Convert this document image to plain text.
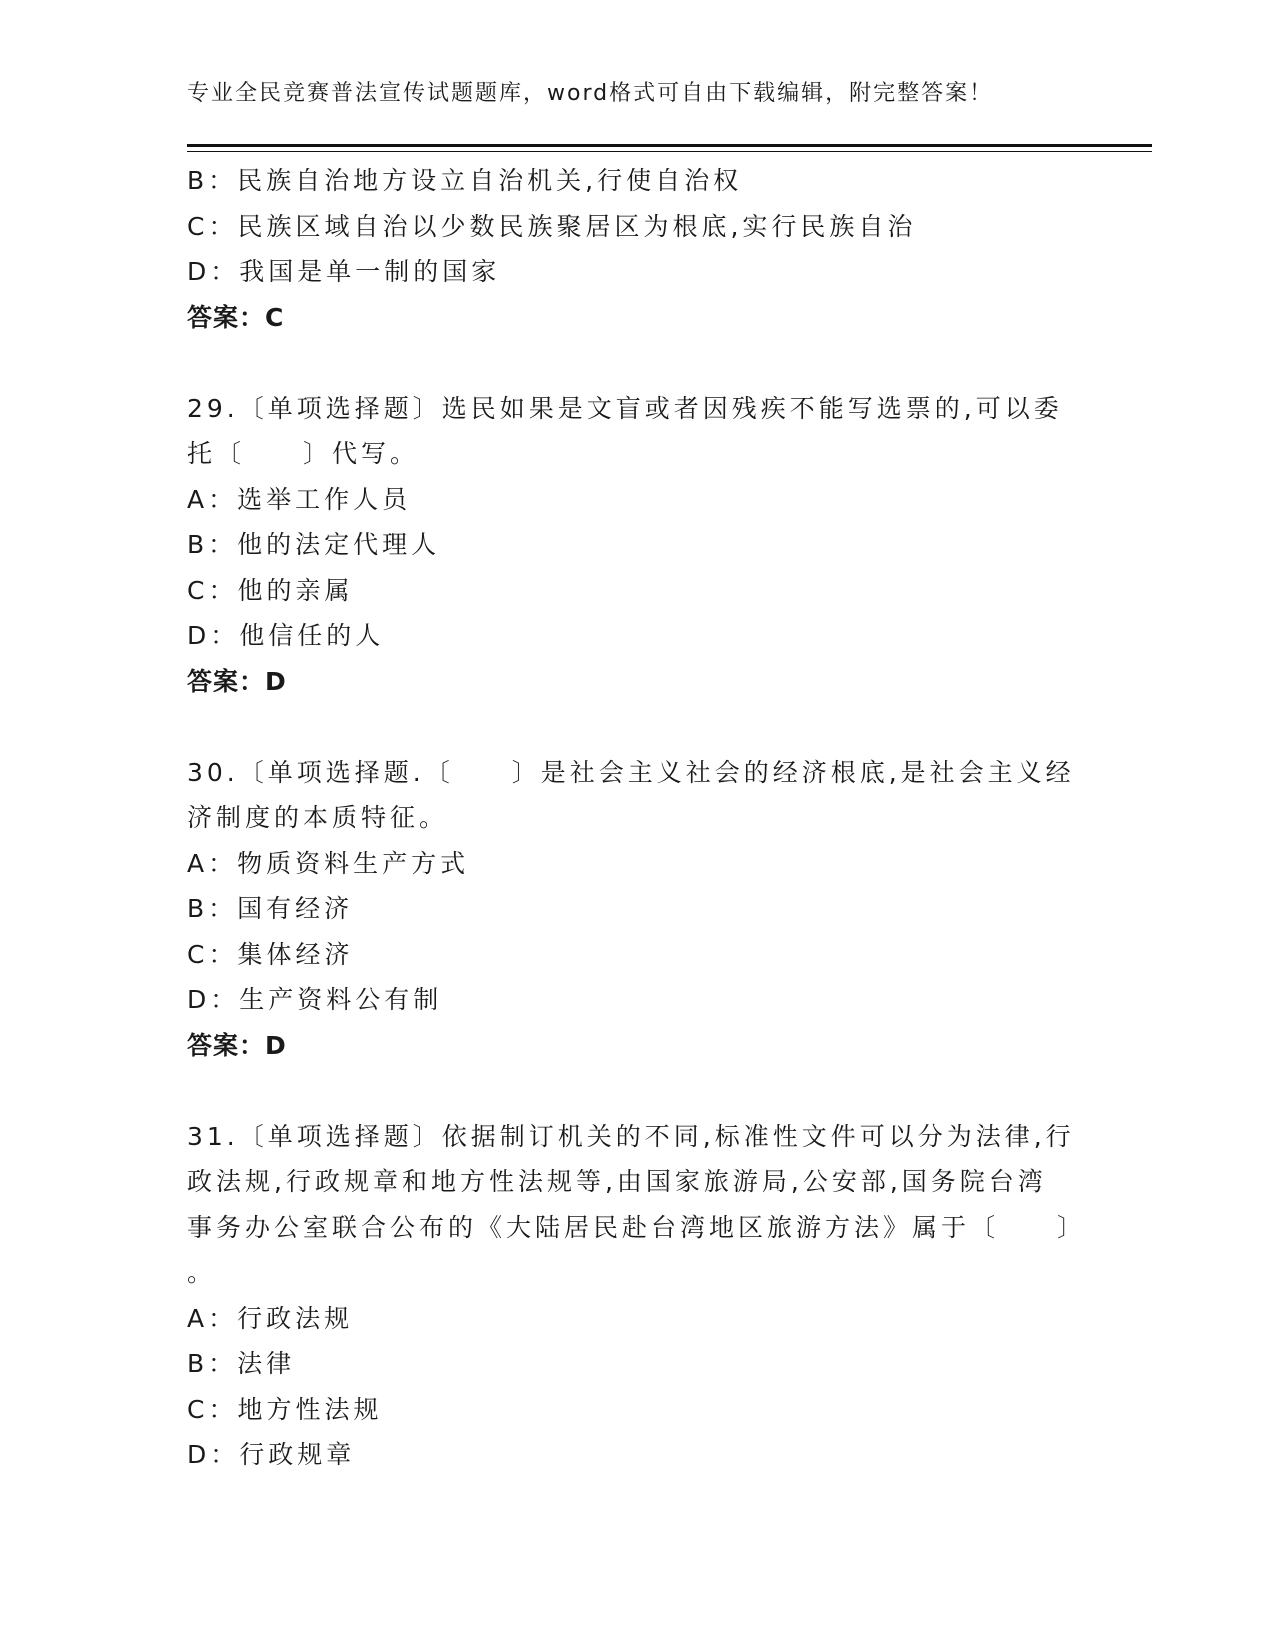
专业全民竞赛普法宣传试题题库，word格式可自由下载编辑，附完整答案！
B：民族自治地方设立自治机关,行使自治权
C：民族区域自治以少数民族聚居区为根底,实行民族自治
D：我国是单一制的国家
答案：C
29.〔单项选择题〕选民如果是文盲或者因残疾不能写选票的,可以委
托〔　　〕代写。
A：选举工作人员
B：他的法定代理人
C：他的亲属
D：他信任的人
答案：D
30.〔单项选择题.〔　　〕是社会主义社会的经济根底,是社会主义经
济制度的本质特征。
A：物质资料生产方式
B：国有经济
C：集体经济
D：生产资料公有制
答案：D
31.〔单项选择题〕依据制订机关的不同,标准性文件可以分为法律,行
政法规,行政规章和地方性法规等,由国家旅游局,公安部,国务院台湾
事务办公室联合公布的《大陆居民赴台湾地区旅游方法》属于〔　　〕
。
A：行政法规
B：法律
C：地方性法规
D：行政规章
